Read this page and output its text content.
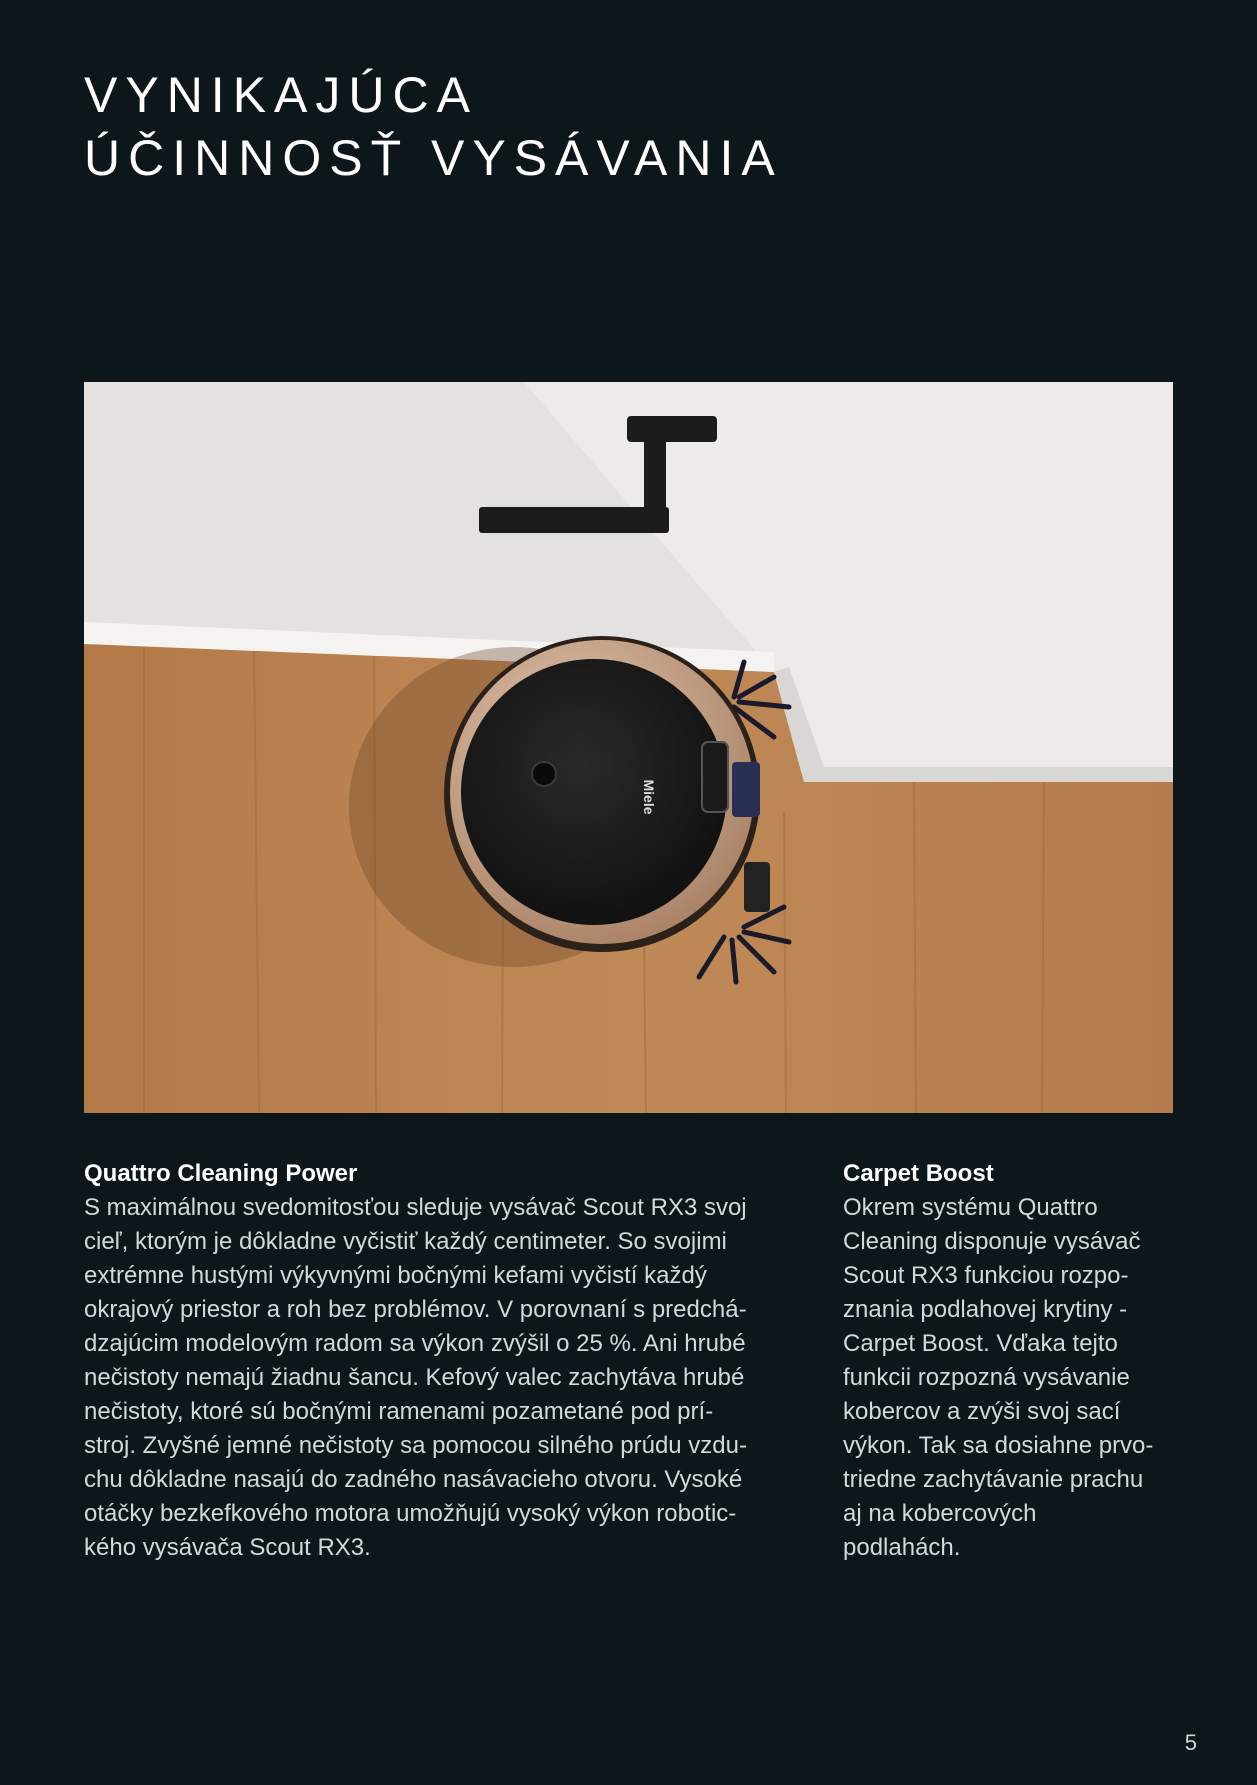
VYNIKAJÚCA
ÚČINNOSŤ VYSÁVANIA
Miele
Quattro Cleaning Power
S maximálnou svedomitosťou sleduje vysávač Scout RX3 svoj
cieľ, ktorým je dôkladne vyčistiť každý centimeter. So svojimi
extrémne hustými výkyvnými bočnými kefami vyčistí každý
okrajový priestor a roh bez problémov. V porovnaní s predchá-
dzajúcim modelovým radom sa výkon zvýšil o 25 %. Ani hrubé
nečistoty nemajú žiadnu šancu. Kefový valec zachytáva hrubé
nečistoty, ktoré sú bočnými ramenami pozametané pod prí-
stroj. Zvyšné jemné nečistoty sa pomocou silného prúdu vzdu-
chu dôkladne nasajú do zadného nasávacieho otvoru. Vysoké
otáčky bezkefkového motora umožňujú vysoký výkon robotic-
kého vysávača Scout RX3.
Carpet Boost
Okrem systému Quattro
Cleaning disponuje vysávač
Scout RX3 funkciou rozpo-
znania podlahovej krytiny -
Carpet Boost. Vďaka tejto
funkcii rozpozná vysávanie
kobercov a zvýši svoj sací
výkon. Tak sa dosiahne prvo-
triedne zachytávanie prachu
aj na kobercových
podlahách.
5
